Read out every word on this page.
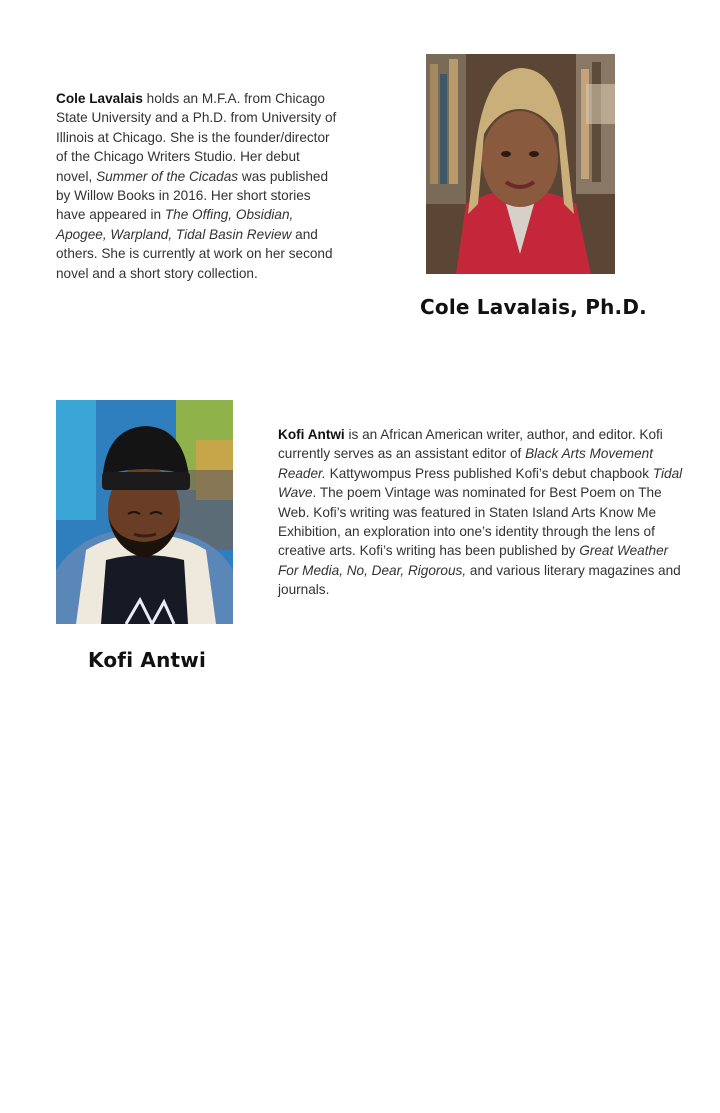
Cole Lavalais holds an M.F.A. from Chicago State University and a Ph.D. from University of Illinois at Chicago. She is the founder/director of the Chicago Writers Studio. Her debut novel, Summer of the Cicadas was published by Willow Books in 2016. Her short stories have appeared in The Offing, Obsidian, Apogee, Warpland, Tidal Basin Review and others. She is currently at work on her second novel and a short story collection.
Cole Lavalais, Ph.D.
Kofi Antwi is an African American writer, author, and editor. Kofi currently serves as an assistant editor of Black Arts Movement Reader. Kattywompus Press published Kofi’s debut chapbook Tidal Wave. The poem Vintage was nominated for Best Poem on The Web. Kofi’s writing was featured in Staten Island Arts Know Me Exhibition, an exploration into one’s identity through the lens of creative arts. Kofi’s writing has been published by Great Weather For Media, No, Dear, Rigorous, and various literary magazines and journals.
Kofi Antwi
